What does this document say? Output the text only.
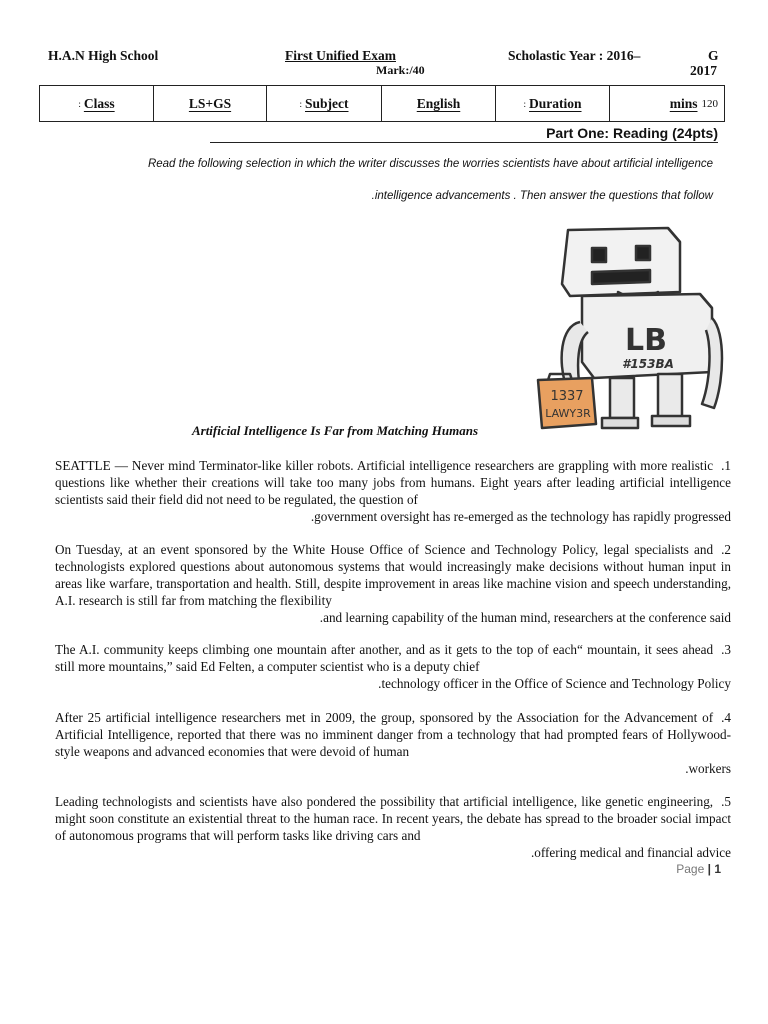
H.A.N High School	First Unified Exam
Mark:/40
Scholastic Year : 2016–	G
2017
: Class	LS+GS	: Subject	English	: Duration	mins 120
Part One: Reading (24pts)
Read the following selection in which the writer discusses the worries scientists have about artificial intelligence
.intelligence advancements . Then answer the questions that follow
LB
#153BA
1337
LAWY3R
Artificial Intelligence Is Far from Matching Humans
.1
SEATTLE — Never mind Terminator-like killer robots. Artificial intelligence researchers are grappling with more realistic questions like whether their creations will take too many jobs from humans. Eight years after leading artificial intelligence scientists said their field did not need to be regulated, the question of
.government oversight has re-emerged as the technology has rapidly progressed
.2
On Tuesday, at an event sponsored by the White House Office of Science and Technology Policy, legal specialists and technologists explored questions about autonomous systems that would increasingly make decisions without human input in areas like warfare, transportation and health. Still, despite improvement in areas like machine vision and speech understanding, A.I. research is still far from matching the flexibility
.and learning capability of the human mind, researchers at the conference said
.3
The A.I. community keeps climbing one mountain after another, and as it gets to the top of each“ mountain, it sees ahead still more mountains,” said Ed Felten, a computer scientist who is a deputy chief
.technology officer in the Office of Science and Technology Policy
.4
After 25 artificial intelligence researchers met in 2009, the group, sponsored by the Association for the Advancement of Artificial Intelligence, reported that there was no imminent danger from a technology that had prompted fears of Hollywood-style weapons and advanced economies that were devoid of human
.workers
.5
Leading technologists and scientists have also pondered the possibility that artificial intelligence, like genetic engineering, might soon constitute an existential threat to the human race. In recent years, the debate has spread to the broader social impact of autonomous programs that will perform tasks like driving cars and
.offering medical and financial advice
Page | 1
